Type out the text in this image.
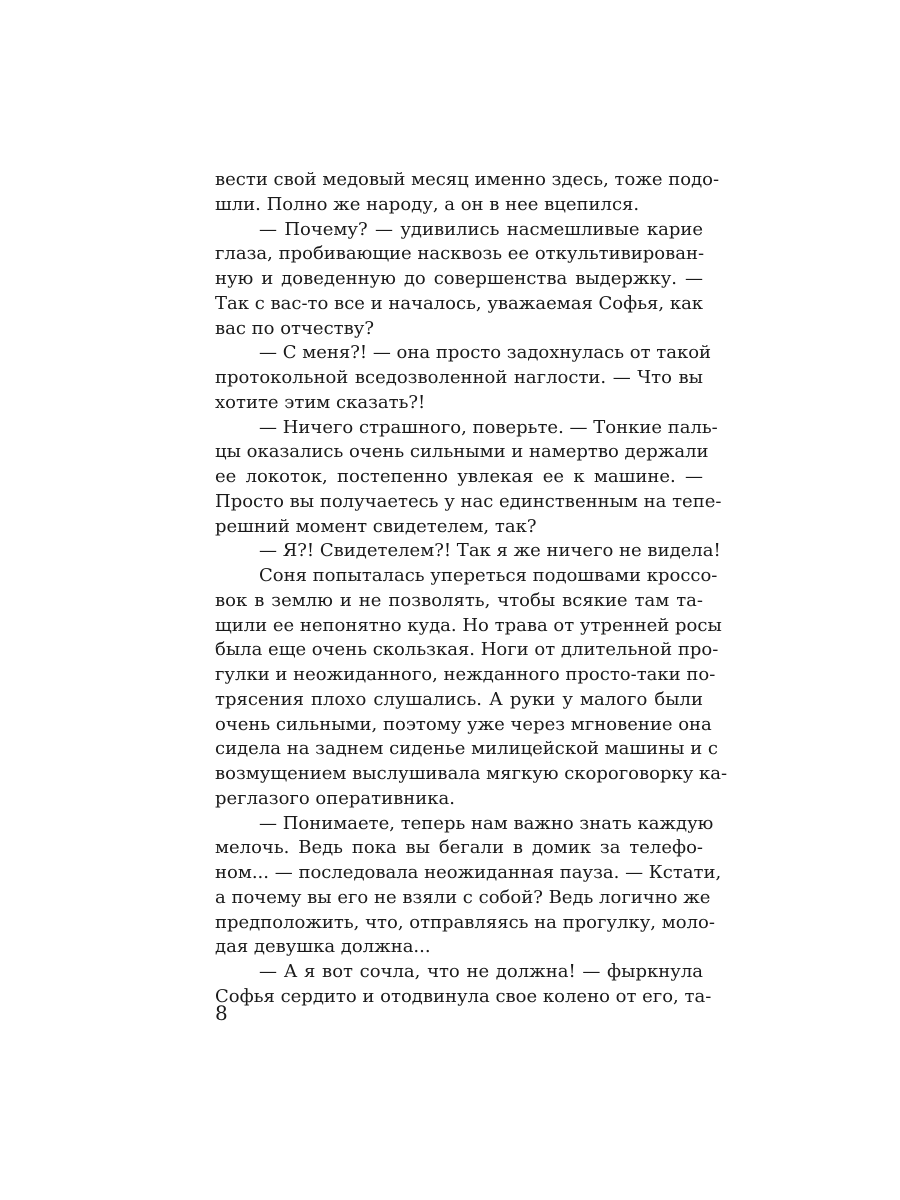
вести свой медовый месяц именно здесь, тоже подо-
шли. Полно же народу, а он в нее вцепился.

— Почему? — удивились насмешливые карие
глаза, пробивающие насквозь ее откультивирован-
ную и доведенную до совершенства выдержку. —
Так с вас-то все и началось, уважаемая Софья, как
вас по отчеству?

— С меня?! — она просто задохнулась от такой
протокольной вседозволенной наглости. — Что вы
хотите этим сказать?!

— Ничего страшного, поверьте. — Тонкие паль-
цы оказались очень сильными и намертво держали
ее локоток, постепенно увлекая ее к машине. —
Просто вы получаетесь у нас единственным на тепе-
решний момент свидетелем, так?

— Я?! Свидетелем?! Так я же ничего не видела!

Соня попыталась упереться подошвами кроссо-
вок в землю и не позволять, чтобы всякие там та-
щили ее непонятно куда. Но трава от утренней росы
была еще очень скользкая. Ноги от длительной про-
гулки и неожиданного, нежданного просто-таки по-
трясения плохо слушались. А руки у малого были
очень сильными, поэтому уже через мгновение она
сидела на заднем сиденье милицейской машины и с
возмущением выслушивала мягкую скороговорку ка-
реглазого оперативника.

— Понимаете, теперь нам важно знать каждую
мелочь. Ведь пока вы бегали в домик за телефо-
ном... — последовала неожиданная пауза. — Кстати,
а почему вы его не взяли с собой? Ведь логично же
предположить, что, отправляясь на прогулку, моло-
дая девушка должна...

— А я вот сочла, что не должна! — фыркнула
Софья сердито и отодвинула свое колено от его, та-

8
